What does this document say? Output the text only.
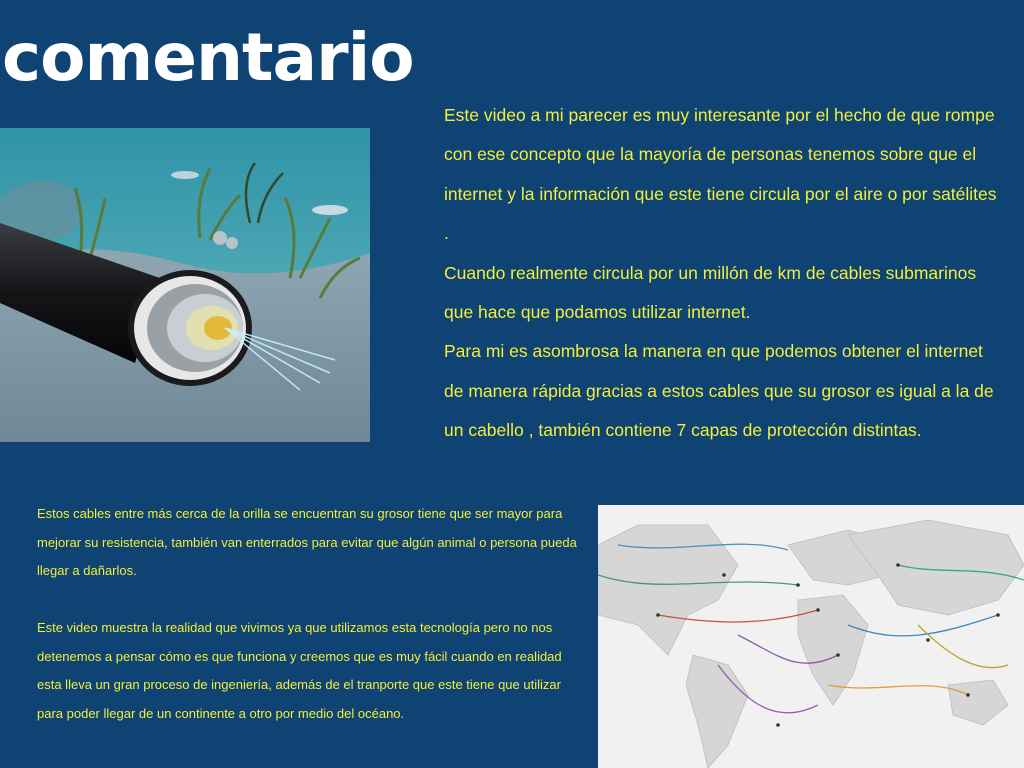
comentario

Este video a mi parecer es muy interesante por el hecho de que rompe con ese concepto que la mayoría de personas tenemos sobre que el internet y la información que este tiene circula por el aire o por satélites .

Cuando realmente circula por un millón de km de cables submarinos que hace que podamos utilizar internet.

Para mi es asombrosa la manera en que podemos obtener el internet de manera rápida gracias a estos cables que su grosor es igual a la de un cabello , también contiene 7 capas de protección distintas.

Estos cables entre más cerca de la orilla se encuentran su grosor tiene que ser mayor para mejorar su resistencia, también van enterrados para evitar que algún animal o persona pueda llegar a dañarlos.

Este video muestra la realidad que vivimos ya que utilizamos esta tecnología pero no nos detenemos a pensar cómo es que funciona y creemos que es muy fácil cuando en realidad esta lleva un gran proceso de ingeniería, además de el tranporte que este tiene que utilizar para poder llegar de un continente a otro por medio del océano.
